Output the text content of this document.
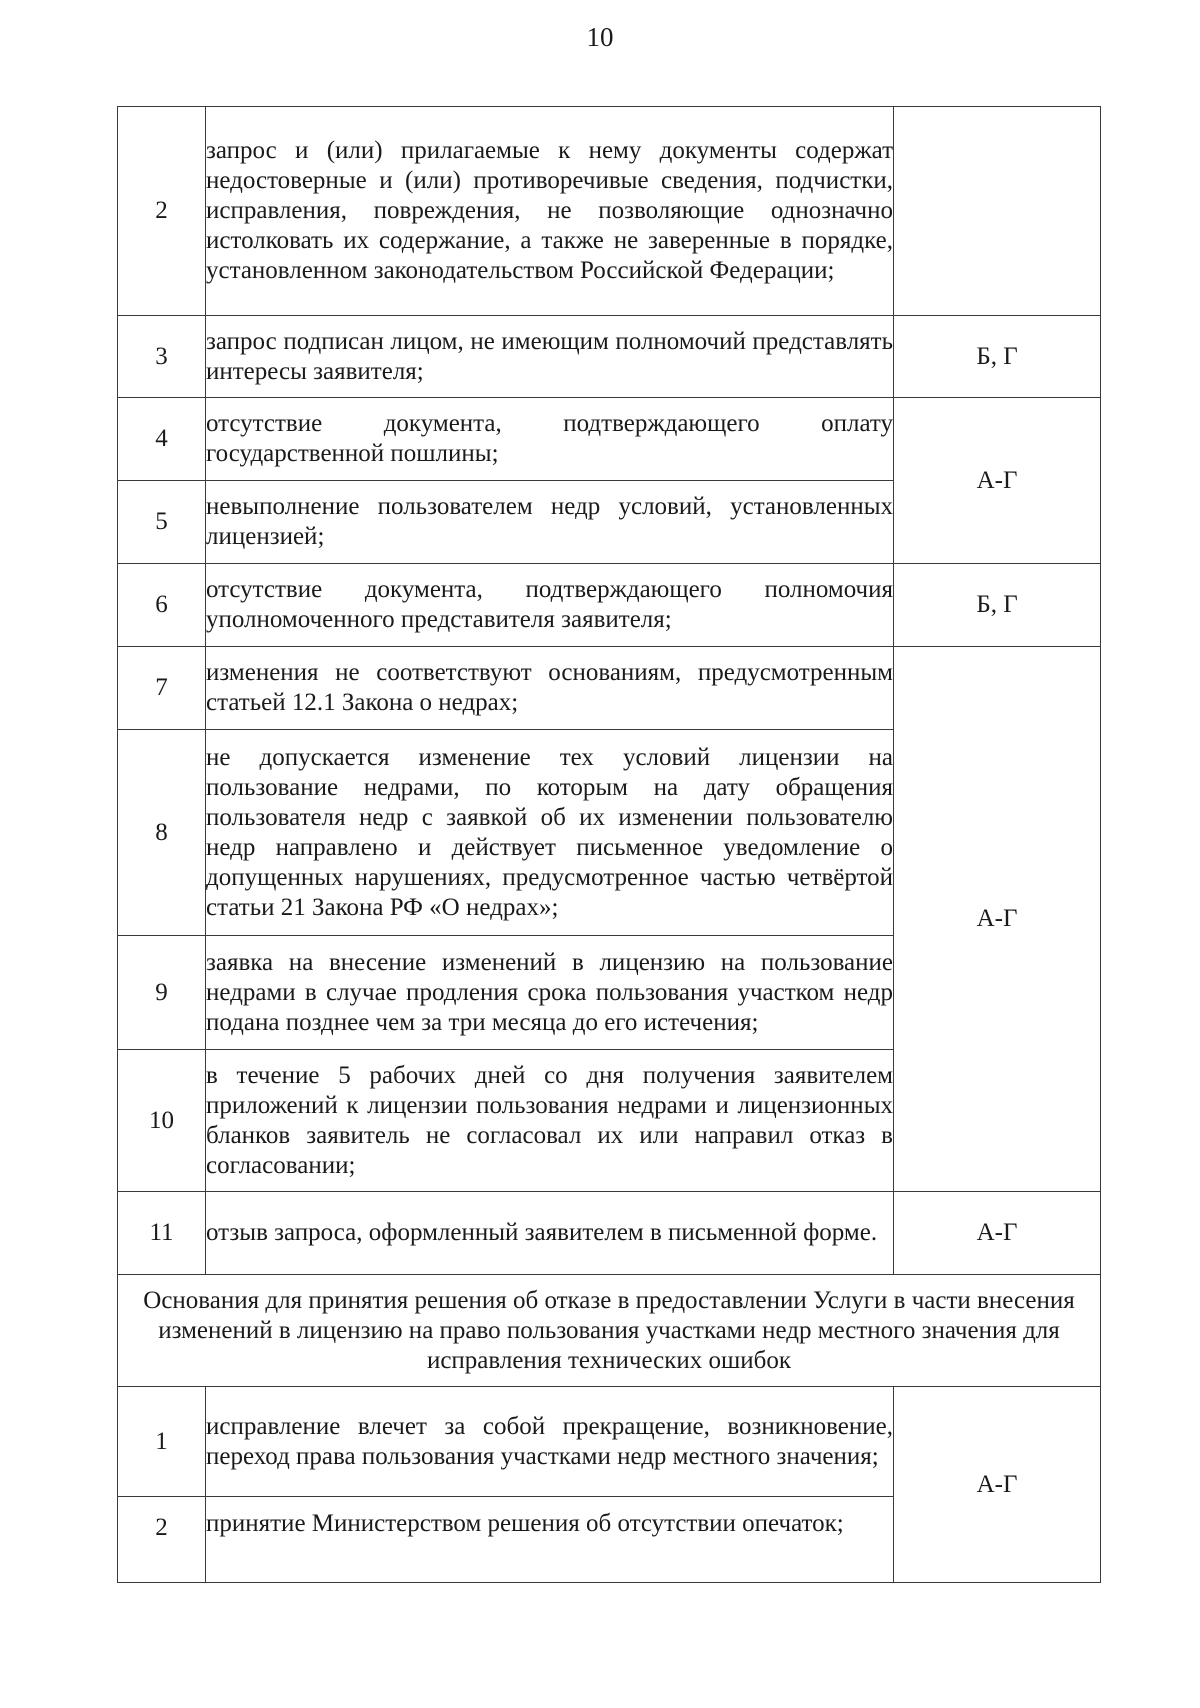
10
2	запрос и (или) прилагаемые к нему документы содержат недостоверные и (или) противоречивые сведения, подчистки, исправления, повреждения, не позволяющие однозначно истолковать их содержание, а также не заверенные в порядке, установленном законодательством Российской Федерации;	

3	запрос подписан лицом, не имеющим полномочий представлять интересы заявителя;	Б, Г
4	отсутствие документа, подтверждающего оплату государственной пошлины;	А-Г
5	невыполнение пользователем недр условий, установленных лицензией;	

6	отсутствие документа, подтверждающего полномочия уполномоченного представителя заявителя;	Б, Г
7	изменения не соответствуют основаниям, предусмотренным статьей 12.1 Закона о недрах;	А-Г
8	не допускается изменение тех условий лицензии на пользование недрами, по которым на дату обращения пользователя недр с заявкой об их изменении пользователю недр направлено и действует письменное уведомление о допущенных нарушениях, предусмотренное частью четвёртой статьи 21 Закона РФ «О недрах»;	

9	заявка на внесение изменений в лицензию на пользование недрами в случае продления срока пользования участком недр подана позднее чем за три месяца до его истечения;	

10	в течение 5 рабочих дней со дня получения заявителем приложений к лицензии пользования недрами и лицензионных бланков заявитель не согласовал их или направил отказ в согласовании;	

11	отзыв запроса, оформленный заявителем в письменной форме.	А-Г
Основания для принятия решения об отказе в предоставлении Услуги в части внесения изменений в лицензию на право пользования участками недр местного значения для исправления технических ошибок		
1	исправление влечет за собой прекращение, возникновение, переход права пользования участками недр местного значения;	А-Г
2	принятие Министерством решения об отсутствии опечаток;	
